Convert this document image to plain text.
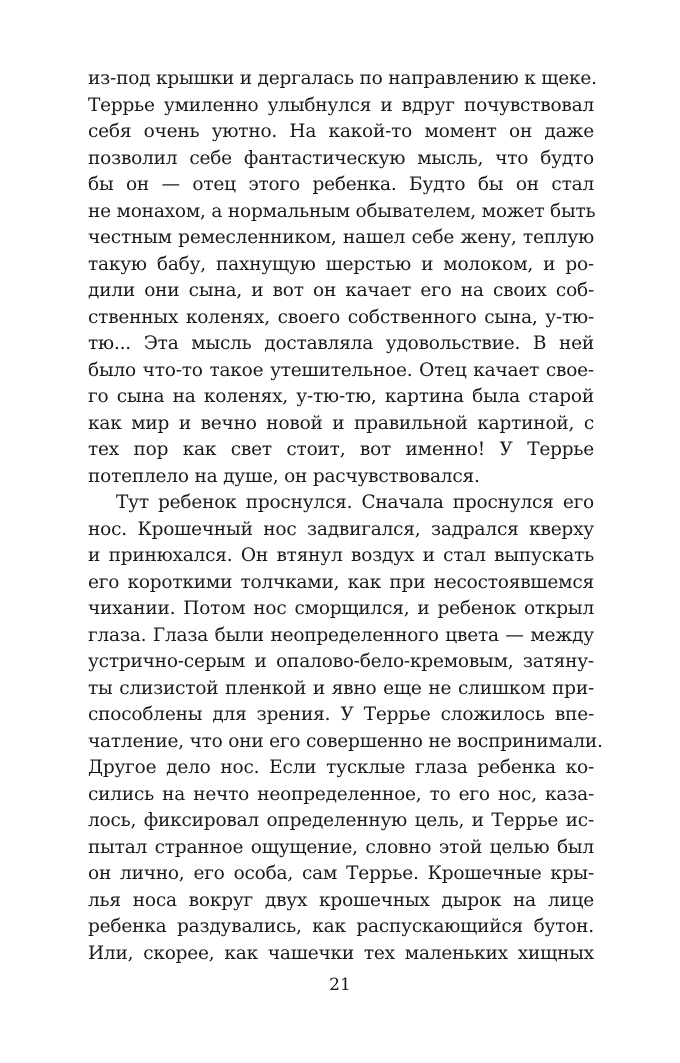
из-под крышки и дергалась по направлению к щеке.
Террье умиленно улыбнулся и вдруг почувствовал
себя очень уютно. На какой-то момент он даже
позволил себе фантастическую мысль, что будто
бы он — отец этого ребенка. Будто бы он стал
не монахом, а нормальным обывателем, может быть
честным ремесленником, нашел себе жену, теплую
такую бабу, пахнущую шерстью и молоком, и ро-
дили они сына, и вот он качает его на своих соб-
ственных коленях, своего собственного сына, у-тю-
тю... Эта мысль доставляла удовольствие. В ней
было что-то такое утешительное. Отец качает свое-
го сына на коленях, у-тю-тю, картина была старой
как мир и вечно новой и правильной картиной, с
тех пор как свет стоит, вот именно! У Террье
потеплело на душе, он расчувствовался.
Тут ребенок проснулся. Сначала проснулся его
нос. Крошечный нос задвигался, задрался кверху
и принюхался. Он втянул воздух и стал выпускать
его короткими толчками, как при несостоявшемся
чихании. Потом нос сморщился, и ребенок открыл
глаза. Глаза были неопределенного цвета — между
устрично-серым и опалово-бело-кремовым, затяну-
ты слизистой пленкой и явно еще не слишком при-
способлены для зрения. У Террье сложилось впе-
чатление, что они его совершенно не воспринимали.
Другое дело нос. Если тусклые глаза ребенка ко-
сились на нечто неопределенное, то его нос, каза-
лось, фиксировал определенную цель, и Террье ис-
пытал странное ощущение, словно этой целью был
он лично, его особа, сам Террье. Крошечные кры-
лья носа вокруг двух крошечных дырок на лице
ребенка раздувались, как распускающийся бутон.
Или, скорее, как чашечки тех маленьких хищных
21
